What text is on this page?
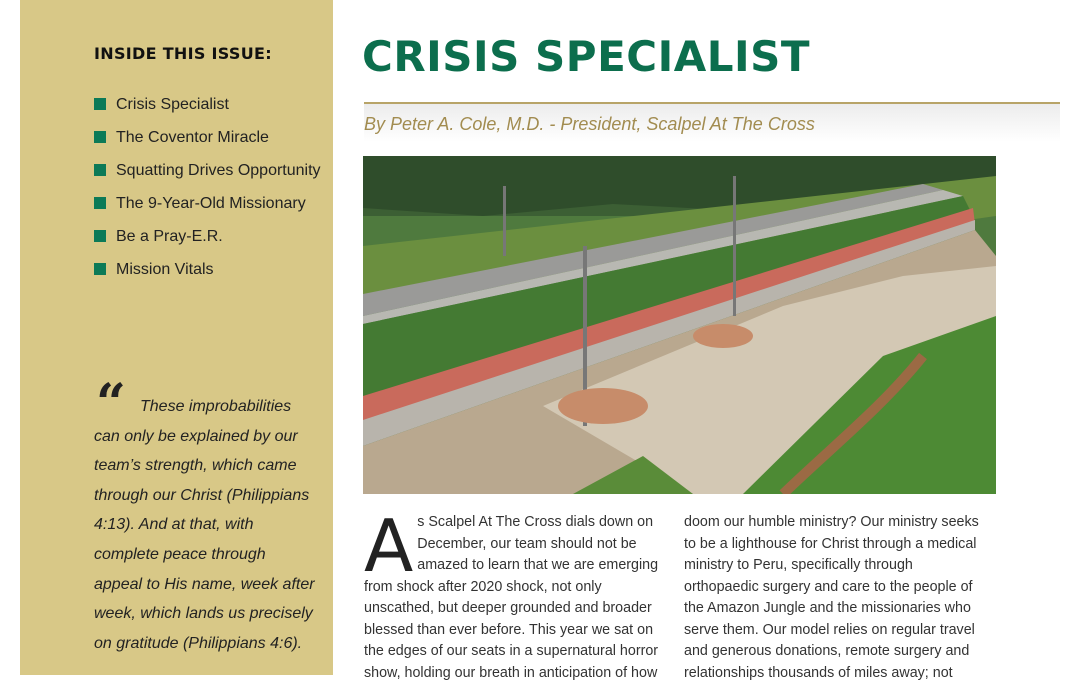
INSIDE THIS ISSUE:
Crisis Specialist
The Coventor Miracle
Squatting Drives Opportunity
The 9-Year-Old Missionary
Be a Pray-E.R.
Mission Vitals
“ These improbabilities can only be explained by our team’s strength, which came through our Christ (Philippians 4:13). And at that, with complete peace through appeal to His name, week after week, which lands us precisely on gratitude (Philippians 4:6).

CRISIS SPECIALIST
By Peter A. Cole, M.D. - President, Scalpel At The Cross
As Scalpel At The Cross dials down on December, our team should not be amazed to learn that we are emerging from shock after 2020 shock, not only unscathed, but deeper grounded and broader blessed than ever before. This year we sat on the edges of our seats in a supernatural horror show, holding our breath in anticipation of how
doom our humble ministry? Our ministry seeks to be a lighthouse for Christ through a medical ministry to Peru, specifically through orthopaedic surgery and care to the people of the Amazon Jungle and the missionaries who serve them. Our model relies on regular travel and generous donations, remote surgery and relationships thousands of miles away; not
